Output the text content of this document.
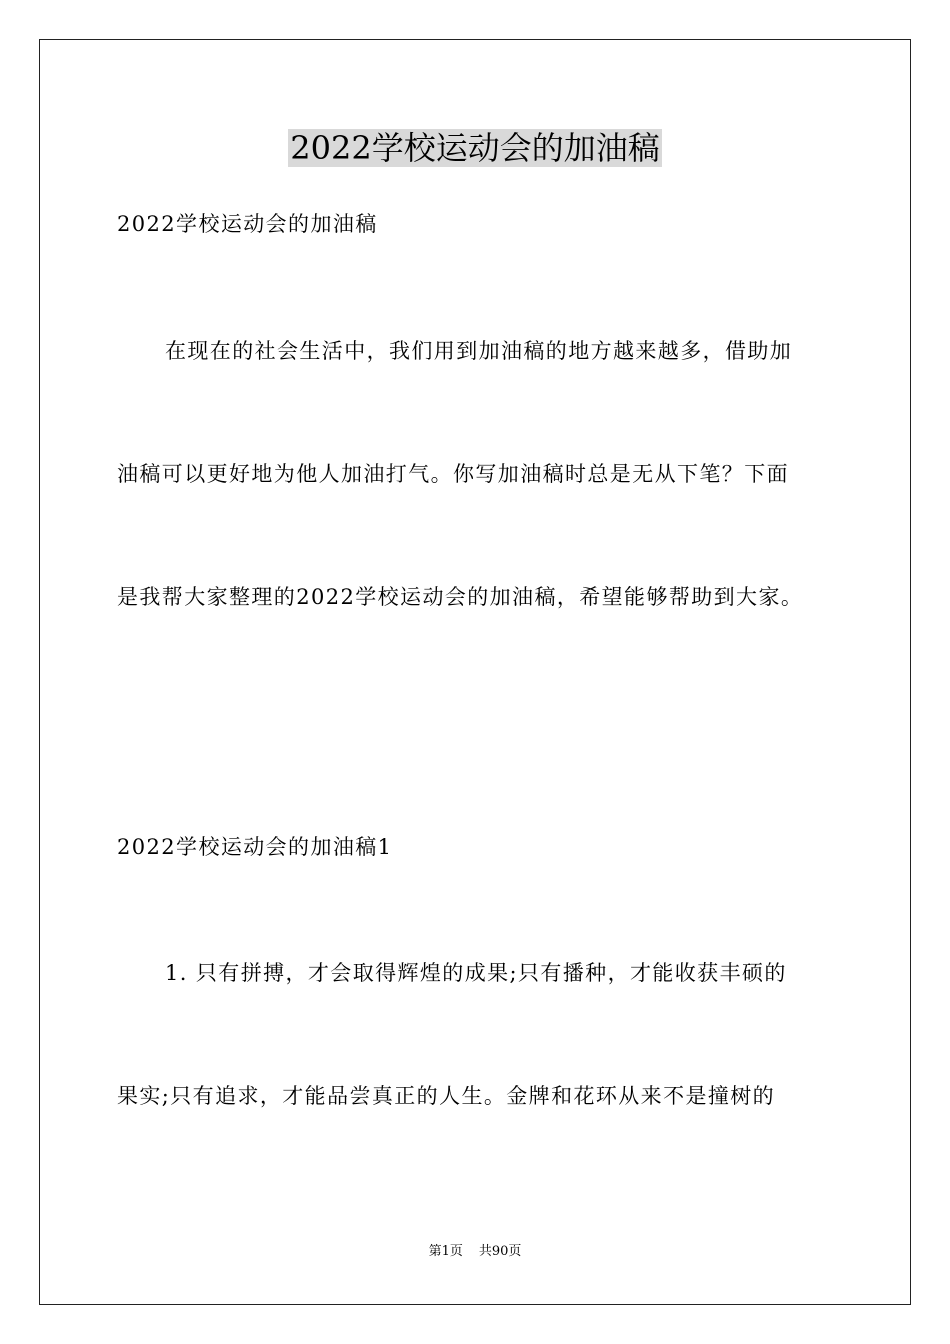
2022学校运动会的加油稿
2022学校运动会的加油稿
在现在的社会生活中，我们用到加油稿的地方越来越多，借助加
油稿可以更好地为他人加油打气。你写加油稿时总是无从下笔？下面
是我帮大家整理的2022学校运动会的加油稿，希望能够帮助到大家。
2022学校运动会的加油稿1
1. 只有拼搏，才会取得辉煌的成果;只有播种，才能收获丰硕的
果实;只有追求，才能品尝真正的人生。金牌和花环从来不是撞树的
第1页 共90页
